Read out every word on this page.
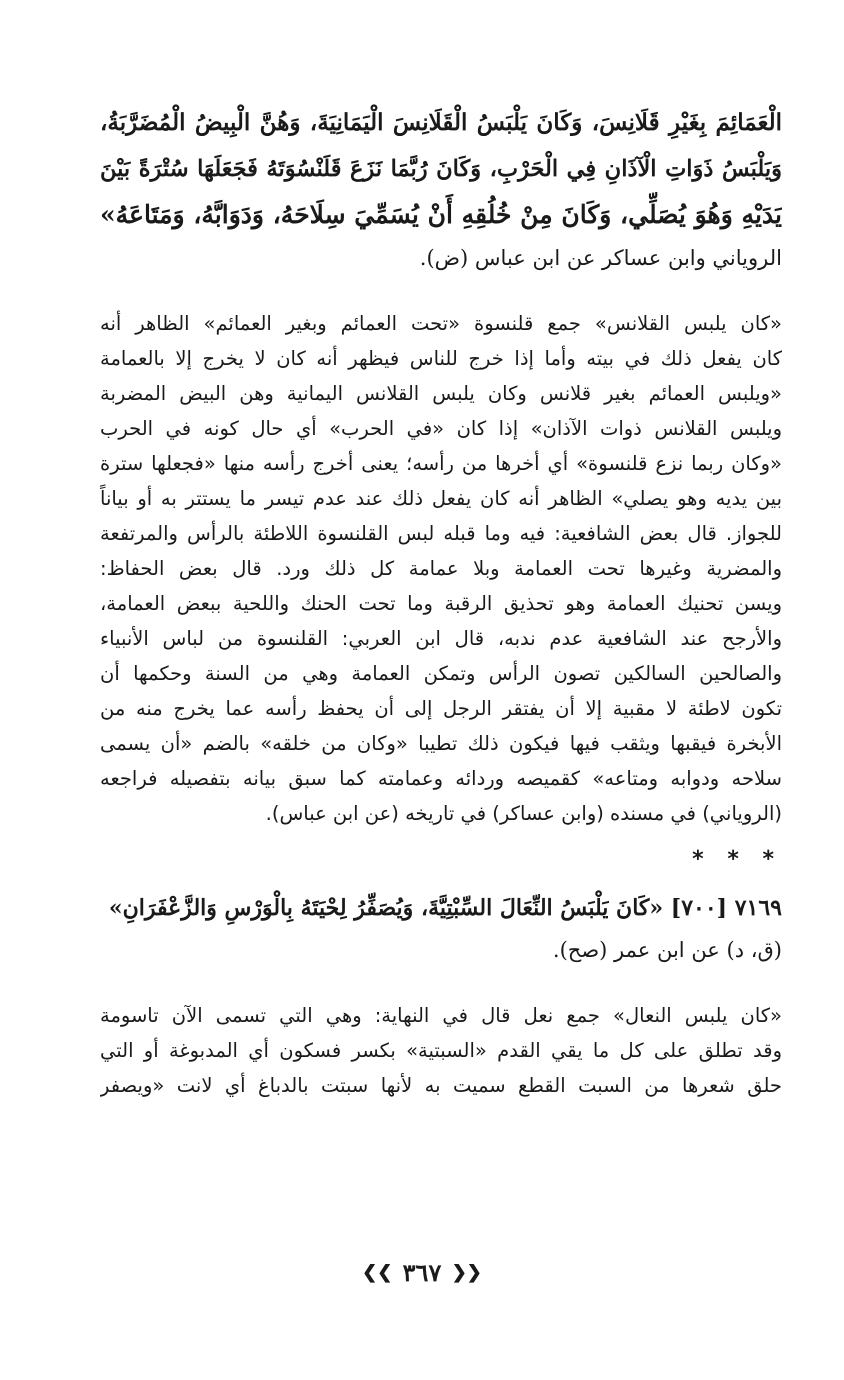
الْعَمَائِمَ بِغَيْرِ قَلَانِسَ، وَكَانَ يَلْبَسُ الْقَلَانِسَ الْيَمَانِيَةَ، وَهُنَّ الْبِيضُ الْمُضَرَّبَةُ،
وَيَلْبَسُ ذَوَاتِ الْآذَانِ فِي الْحَرْبِ، وَكَانَ رُبَّمَا نَزَعَ قَلَنْسُوَتَهُ فَجَعَلَهَا سُتْرَةً بَيْنَ
يَدَيْهِ وَهُوَ يُصَلِّي، وَكَانَ مِنْ خُلُقِهِ أَنْ يُسَمِّيَ سِلَاحَهُ، وَدَوَابَّهُ، وَمَتَاعَهُ»
الروياني وابن عساكر عن ابن عباس (ض).
«كان يلبس القلانس» جمع قلنسوة «تحت العمائم وبغير العمائم» الظاهر أنه
كان يفعل ذلك في بيته وأما إذا خرج للناس فيظهر أنه كان لا يخرج إلا بالعمامة
«ويلبس العمائم بغير قلانس وكان يلبس القلانس اليمانية وهن البيض المضربة
ويلبس القلانس ذوات الآذان» إذا كان «في الحرب» أي حال كونه في الحرب
«وكان ربما نزع قلنسوة» أي أخرها من رأسه؛ يعنى أخرج رأسه منها «فجعلها سترة
بين يديه وهو يصلي» الظاهر أنه كان يفعل ذلك عند عدم تيسر ما يستتر به أو بياناً
للجواز. قال بعض الشافعية: فيه وما قبله لبس القلنسوة اللاطئة بالرأس والمرتفعة
والمضرية وغيرها تحت العمامة وبلا عمامة كل ذلك ورد. قال بعض الحفاظ:
ويسن تحنيك العمامة وهو تحذيق الرقبة وما تحت الحنك واللحية ببعض العمامة،
والأرجح عند الشافعية عدم ندبه، قال ابن العربي: القلنسوة من لباس الأنبياء
والصالحين السالكين تصون الرأس وتمكن العمامة وهي من السنة وحكمها أن
تكون لاطئة لا مقبية إلا أن يفتقر الرجل إلى أن يحفظ رأسه عما يخرج منه من
الأبخرة فيقبها ويثقب فيها فيكون ذلك تطيبا «وكان من خلقه» بالضم «أن يسمى
سلاحه ودوابه ومتاعه» كقميصه وردائه وعمامته كما سبق بيانه بتفصيله فراجعه
(الروياني) في مسنده (وابن عساكر) في تاريخه (عن ابن عباس).
* * *
٧١٦٩ [٧٠٠] «كَانَ يَلْبَسُ النِّعَالَ السِّبْتِيَّةَ، وَيُصَفِّرُ لِحْيَتَهُ بِالْوَرْسِ وَالزَّعْفَرَانِ»
(ق، د) عن ابن عمر (صح).
«كان يلبس النعال» جمع نعل قال في النهاية: وهي التي تسمى الآن تاسومة
وقد تطلق على كل ما يقي القدم «السبتية» بكسر فسكون أي المدبوغة أو التي
حلق شعرها من السبت القطع سميت به لأنها سبتت بالدباغ أي لانت «ويصفر
❮❮ ٣٦٧ ❯❯
